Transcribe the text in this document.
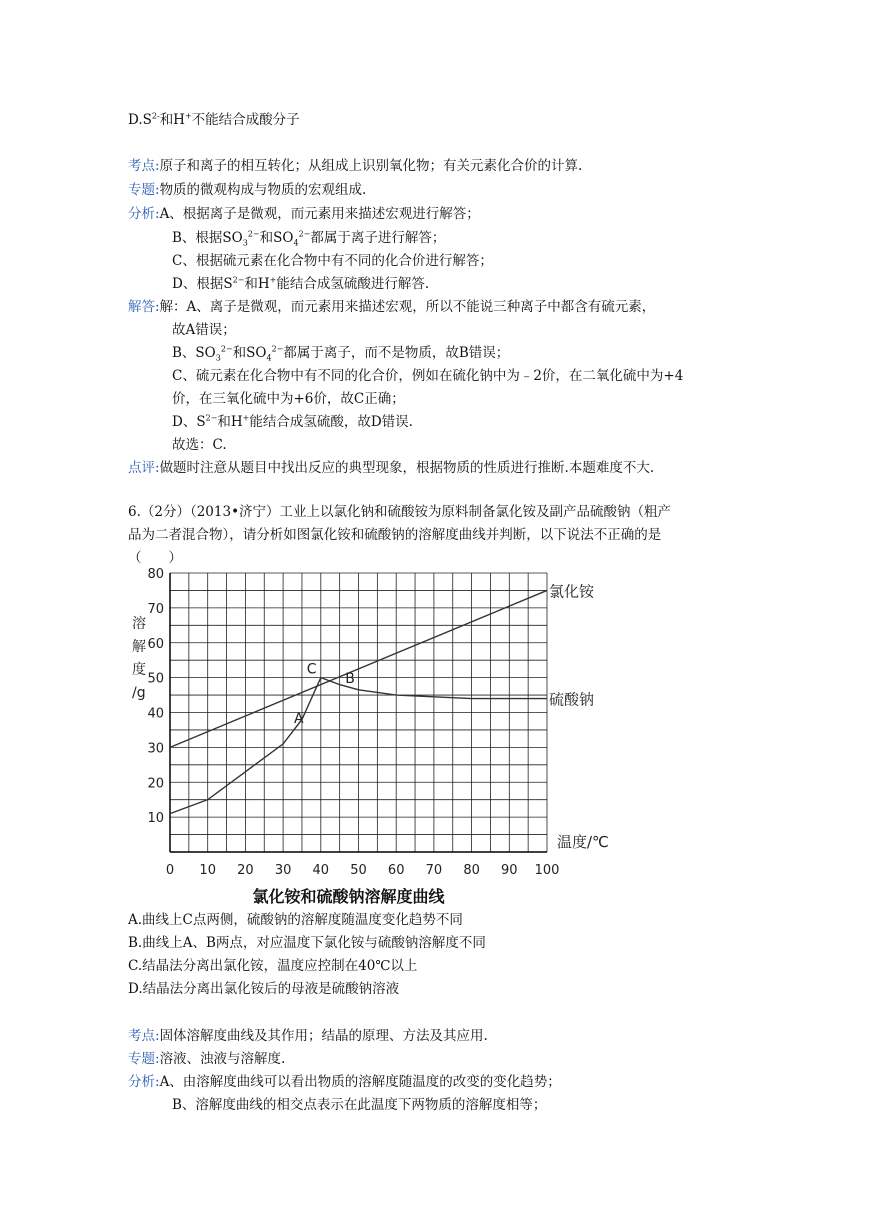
$D.S^{2-}$和H+不能结合成酸分子
考点:原子和离子的相互转化；从组成上识别氧化物；有关元素化合价的计算.
专题:物质的微观构成与物质的宏观组成.
分析:A、根据离子是微观，而元素用来描述宏观进行解答；
B、根据$SO_3^{2-}$和$SO_4^{2-}$都属于离子进行解答；
C、根据硫元素在化合物中有不同的化合价进行解答；
D、根据$S^{2-}$和H+能结合成氢硫酸进行解答.
解答:解：A、离子是微观，而元素用来描述宏观，所以不能说三种离子中都含有硫元素，
故A错误；
B、$SO_3^{2-}$和$SO_4^{2-}$都属于离子，而不是物质，故B错误；
C、硫元素在化合物中有不同的化合价，例如在硫化钠中为﹣2价，在二氧化硫中为+4
价，在三氧化硫中为+6价，故C正确；
D、$S^{2-}$和H+能结合成氢硫酸，故D错误.
故选：C.
点评:做题时注意从题目中找出反应的典型现象，根据物质的性质进行推断.本题难度不大.
6.（2分）（2013•济宁）工业上以氯化钠和硫酸铵为原料制备氯化铵及副产品硫酸钠（粗产
品为二者混合物），请分析如图氯化铵和硫酸钠的溶解度曲线并判断，以下说法不正确的是
（　　）
0 10 20 30 40 50 60 70 80 90 100
10
20
30
40
50
60
70
80
溶
解
度
/g
温度/℃
氯化铵和硫酸钠溶解度曲线
氯化铵
硫酸钠
C
B
A
A.曲线上C点两侧，硫酸钠的溶解度随温度变化趋势不同
B.曲线上A、B两点，对应温度下氯化铵与硫酸钠溶解度不同
C.结晶法分离出氯化铵，温度应控制在40℃以上
D.结晶法分离出氯化铵后的母液是硫酸钠溶液
考点:固体溶解度曲线及其作用；结晶的原理、方法及其应用.
专题:溶液、浊液与溶解度.
分析:A、由溶解度曲线可以看出物质的溶解度随温度的改变的变化趋势；
B、溶解度曲线的相交点表示在此温度下两物质的溶解度相等；
